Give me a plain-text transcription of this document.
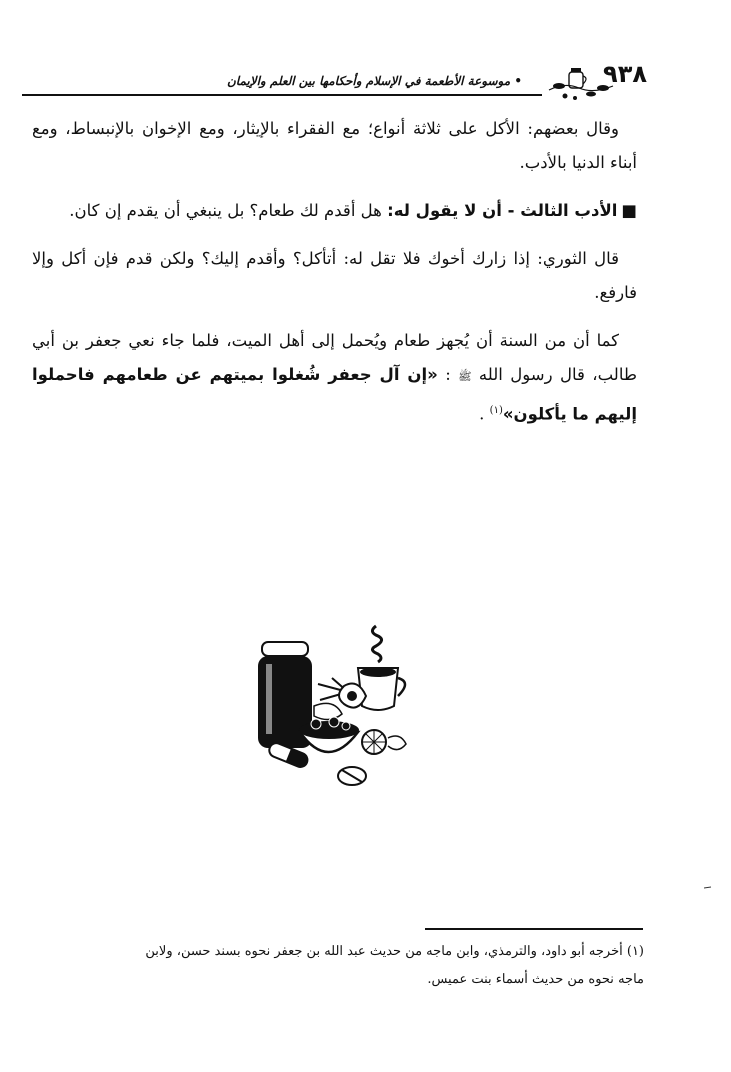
• موسوعة الأطعمة في الإسلام وأحكامها بين العلم والإيمان	٩٣٨

وقال بعضهم: الأكل على ثلاثة أنواع؛ مع الفقراء بالإيثار، ومع الإخوان بالإنبساط، ومع أبناء الدنيا بالأدب.

■الأدب الثالث - أن لا يقول له: هل أقدم لك طعام؟ بل ينبغي أن يقدم إن كان.

قال الثوري: إذا زارك أخوك فلا تقل له: أتأكل؟ وأقدم إليك؟ ولكن قدم فإن أكل وإلا فارفع.

كما أن من السنة أن يُجهز طعام ويُحمل إلى أهل الميت، فلما جاء نعي جعفر بن أبي طالب، قال رسول الله ﷺ : «إن آل جعفر شُغلوا بميتهم عن طعامهم فاحملوا إليهم ما يأكلون»$^{(١)}$ .

(١) أخرجه أبو داود، والترمذي، وابن ماجه من حديث عبد الله بن جعفر نحوه بسند حسن، ولابن

ماجه نحوه من حديث أسماء بنت عميس.
